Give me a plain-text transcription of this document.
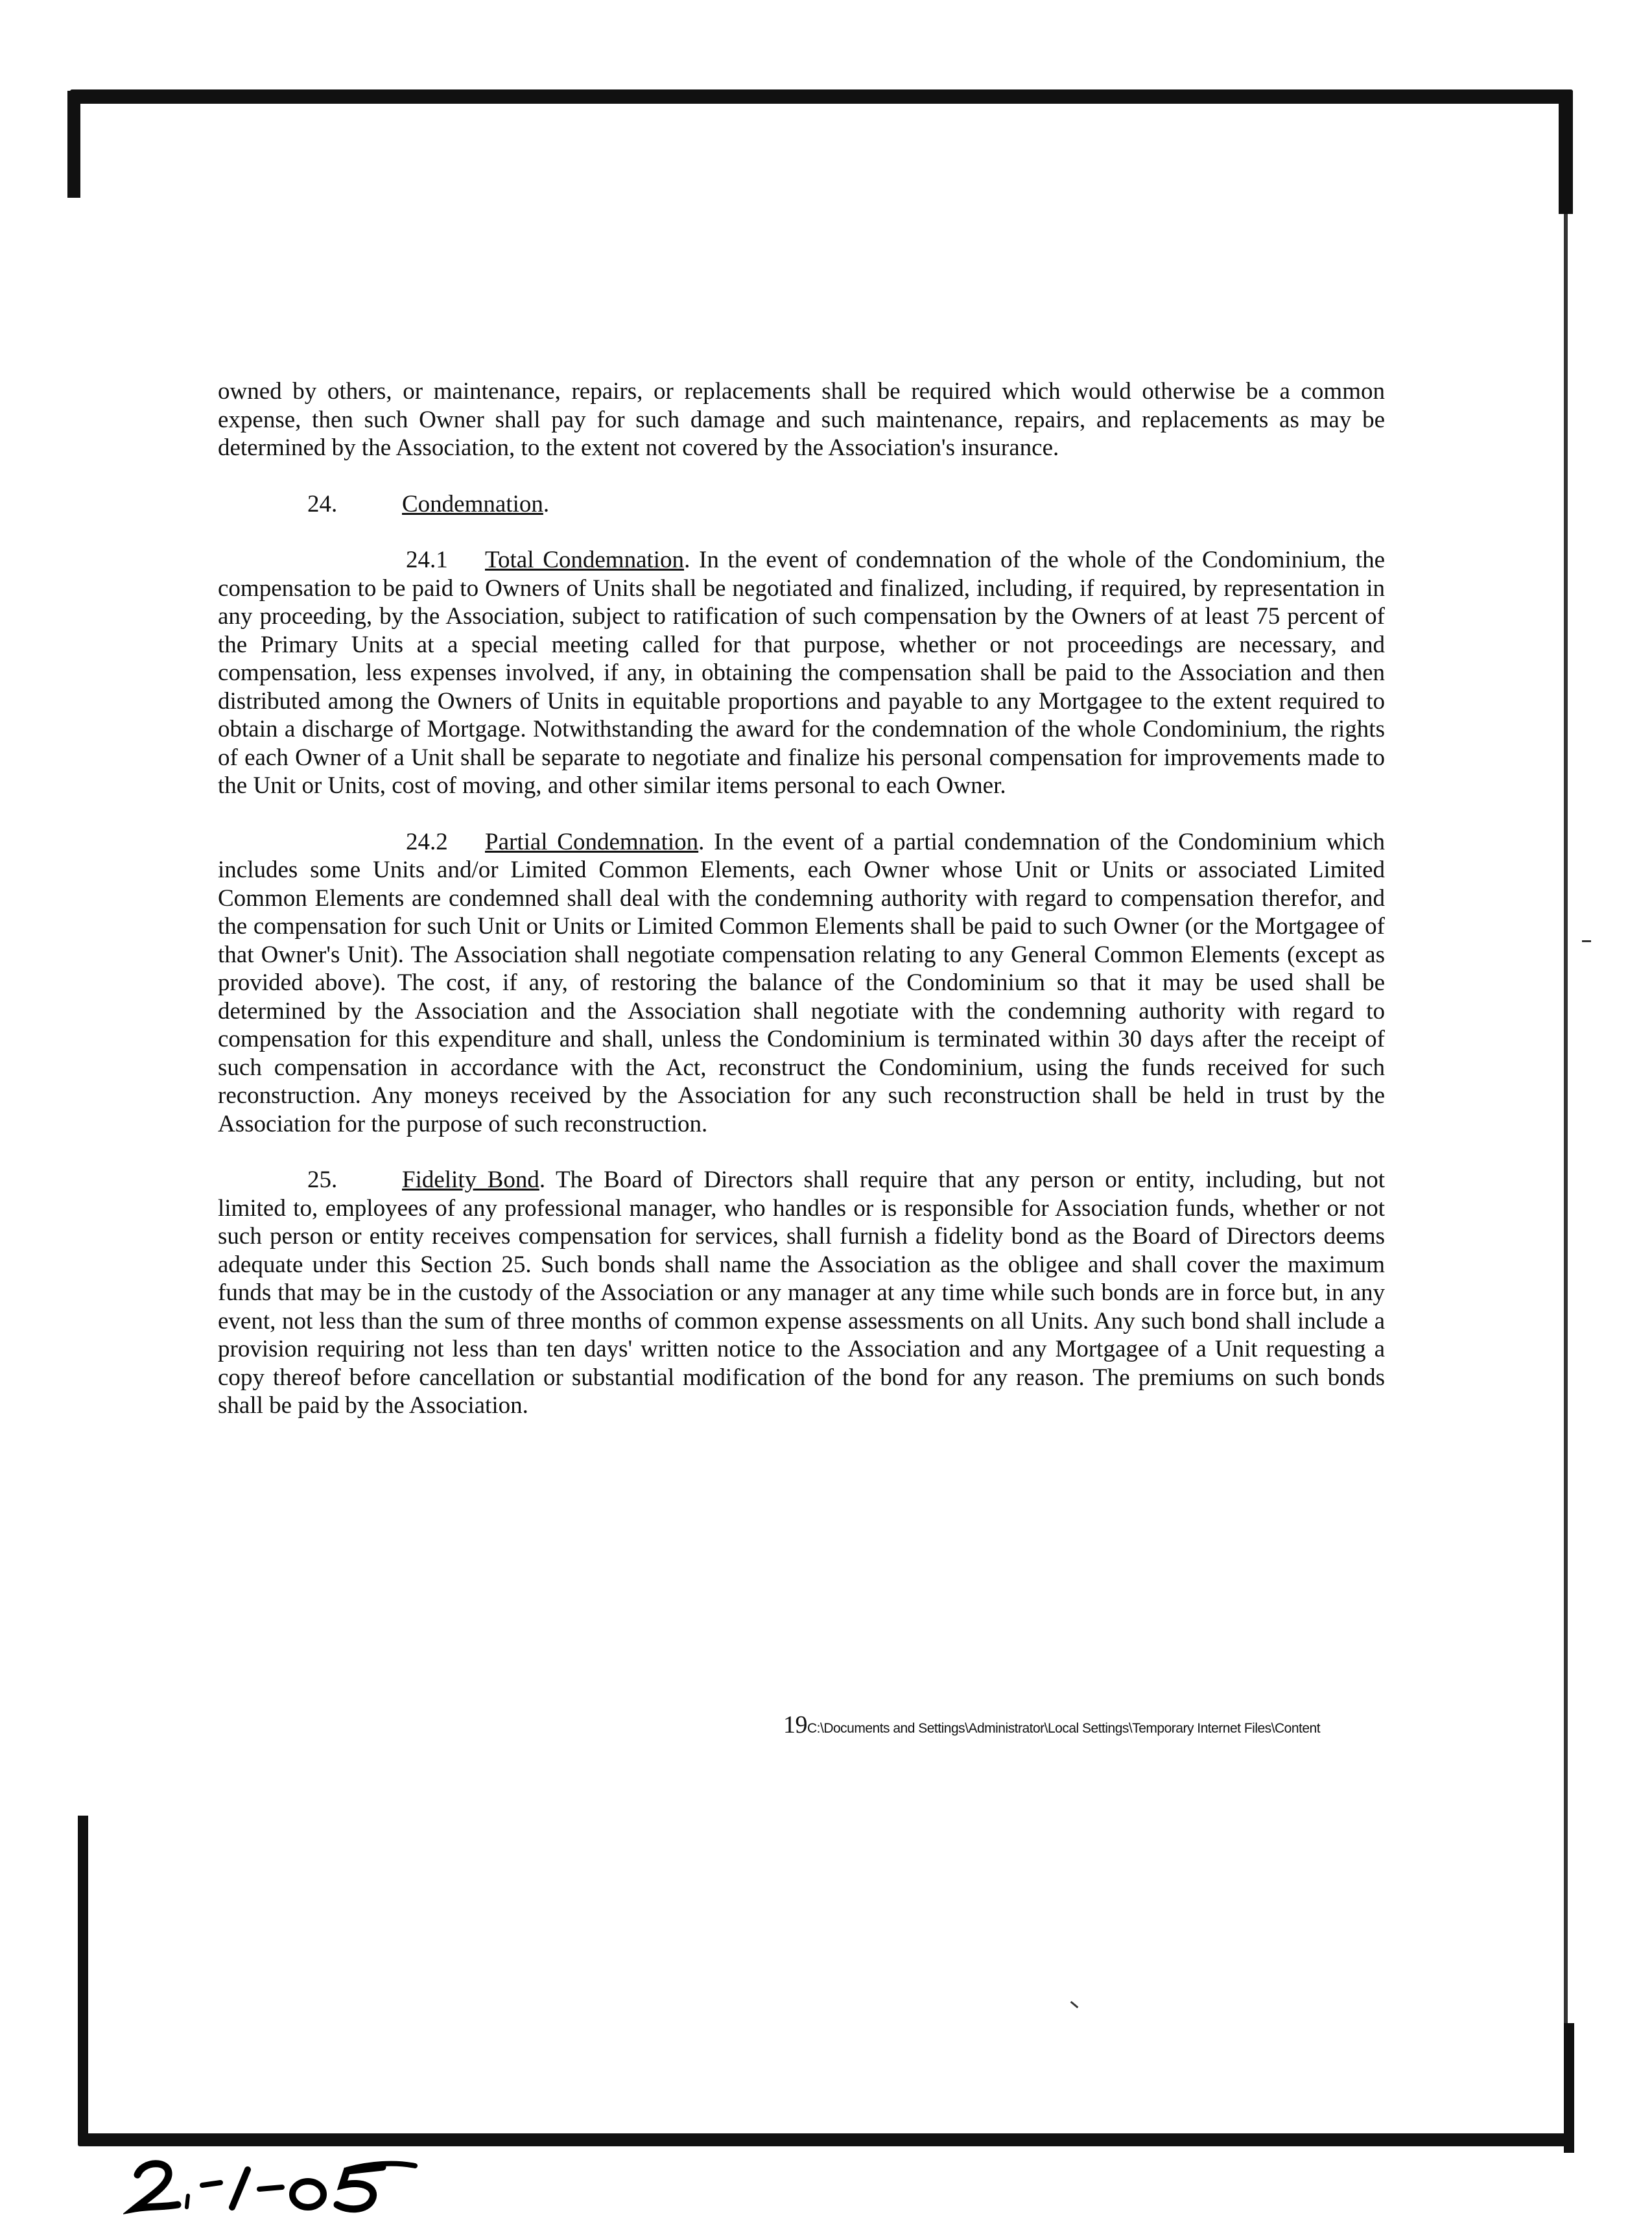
owned by others, or maintenance, repairs, or replacements shall be required which would otherwise be a common expense, then such Owner shall pay for such damage and such maintenance, repairs, and replacements as may be determined by the Association, to the extent not covered by the Association's insurance.

24.	Condemnation.

24.1 Total Condemnation. In the event of condemnation of the whole of the Condominium, the compensation to be paid to Owners of Units shall be negotiated and finalized, including, if required, by representation in any proceeding, by the Association, subject to ratification of such compensation by the Owners of at least 75 percent of the Primary Units at a special meeting called for that purpose, whether or not proceedings are necessary, and compensation, less expenses involved, if any, in obtaining the compensation shall be paid to the Association and then distributed among the Owners of Units in equitable proportions and payable to any Mortgagee to the extent required to obtain a discharge of Mortgage. Notwithstanding the award for the condemnation of the whole Condominium, the rights of each Owner of a Unit shall be separate to negotiate and finalize his personal compensation for improvements made to the Unit or Units, cost of moving, and other similar items personal to each Owner.

24.2 Partial Condemnation. In the event of a partial condemnation of the Condominium which includes some Units and/or Limited Common Elements, each Owner whose Unit or Units or associated Limited Common Elements are condemned shall deal with the condemning authority with regard to compensation therefor, and the compensation for such Unit or Units or Limited Common Elements shall be paid to such Owner (or the Mortgagee of that Owner's Unit). The Association shall negotiate compensation relating to any General Common Elements (except as provided above). The cost, if any, of restoring the balance of the Condominium so that it may be used shall be determined by the Association and the Association shall negotiate with the condemning authority with regard to compensation for this expenditure and shall, unless the Condominium is terminated within 30 days after the receipt of such compensation in accordance with the Act, reconstruct the Condominium, using the funds received for such reconstruction. Any moneys received by the Association for any such reconstruction shall be held in trust by the Association for the purpose of such reconstruction.

25.	Fidelity Bond. The Board of Directors shall require that any person or entity, including, but not limited to, employees of any professional manager, who handles or is responsible for Association funds, whether or not such person or entity receives compensation for services, shall furnish a fidelity bond as the Board of Directors deems adequate under this Section 25. Such bonds shall name the Association as the obligee and shall cover the maximum funds that may be in the custody of the Association or any manager at any time while such bonds are in force but, in any event, not less than the sum of three months of common expense assessments on all Units. Any such bond shall include a provision requiring not less than ten days' written notice to the Association and any Mortgagee of a Unit requesting a copy thereof before cancellation or substantial modification of the bond for any reason. The premiums on such bonds shall be paid by the Association.

19C:\Documents and Settings\Administrator\Local Settings\Temporary Internet Files\Content
